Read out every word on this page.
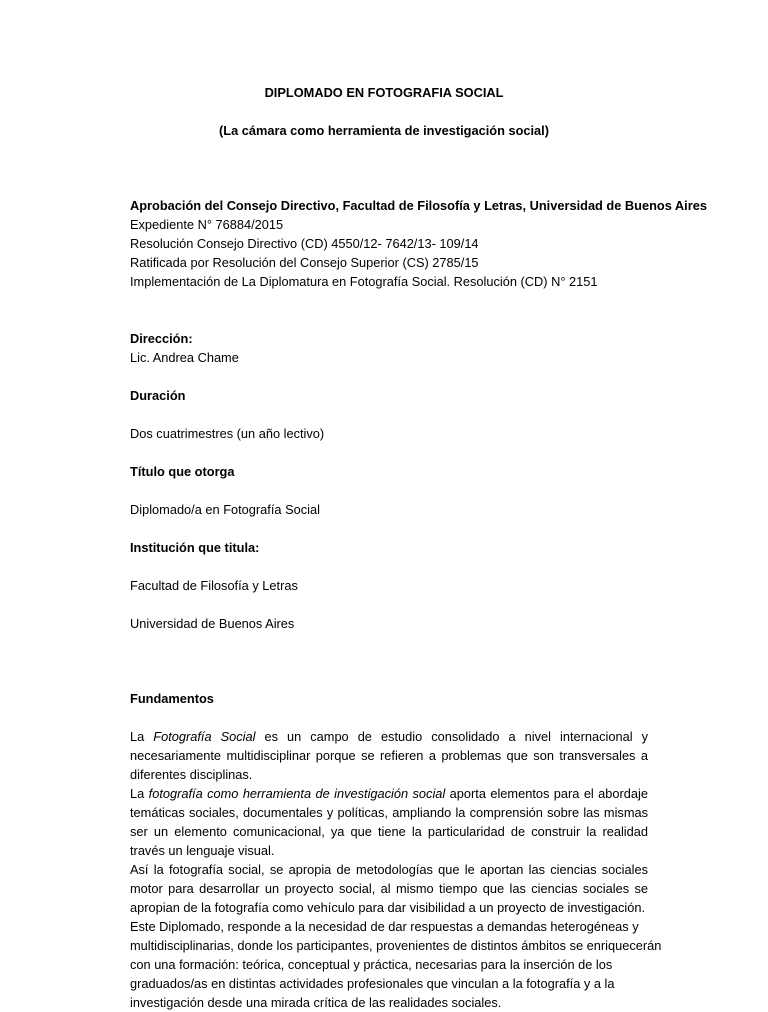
DIPLOMADO EN FOTOGRAFIA SOCIAL
(La cámara como herramienta de investigación social)
Aprobación del Consejo Directivo, Facultad de Filosofía y Letras, Universidad de Buenos Aires
Expediente N° 76884/2015
Resolución Consejo Directivo (CD) 4550/12- 7642/13- 109/14
Ratificada por Resolución del Consejo Superior (CS) 2785/15
Implementación de La Diplomatura en Fotografía Social. Resolución (CD) N° 2151
Dirección:
Lic. Andrea Chame
Duración
Dos cuatrimestres (un año lectivo)
Título que otorga
Diplomado/a en Fotografía Social
Institución que titula:
Facultad de Filosofía y Letras
Universidad de Buenos Aires
Fundamentos
La Fotografía Social es un campo de estudio consolidado a nivel internacional y
necesariamente multidisciplinar porque se refieren a problemas que son transversales a
diferentes disciplinas.
La fotografía como herramienta de investigación social aporta elementos para el abordaje
temáticas sociales, documentales y políticas, ampliando la comprensión sobre las mismas
ser un elemento comunicacional, ya que tiene la particularidad de construir la realidad
través un lenguaje visual.
Así la fotografía social, se apropia de metodologías que le aportan las ciencias sociales
motor para desarrollar un proyecto social, al mismo tiempo que las ciencias sociales se
apropian de la fotografía como vehículo para dar visibilidad a un proyecto de investigación.
Este Diplomado, responde a la necesidad de dar respuestas a demandas heterogéneas y
multidisciplinarias, donde los participantes, provenientes de distintos ámbitos se enriquecerán
con una formación: teórica, conceptual y práctica, necesarias para la inserción de los
graduados/as en distintas actividades profesionales que vinculan a la fotografía y a la
investigación desde una mirada crítica de las realidades sociales.
